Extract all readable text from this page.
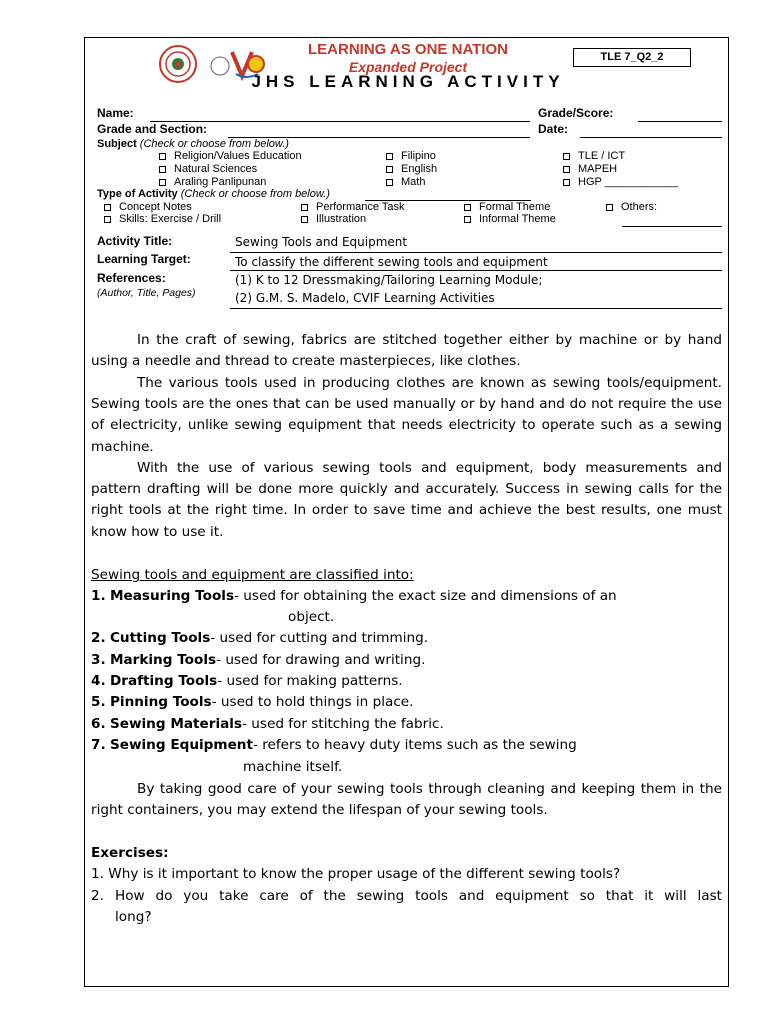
LEARNING AS ONE NATION
Expanded Project
JHS LEARNING ACTIVITY
TLE 7_Q2_2
Name:	Grade/Score:
Grade and Section:	Date:
Subject (Check or choose from below.)
Religion/Values Education
Natural Sciences
Araling Panlipunan
Filipino
English
Math
TLE / ICT
MAPEH
HGP ____________
Type of Activity (Check or choose from below.)
Concept Notes	Performance Task	Formal Theme	Others:
Skills: Exercise / Drill	Illustration	Informal Theme
Activity Title:	Sewing Tools and Equipment
Learning Target:	To classify the different sewing tools and equipment
References:
(Author, Title, Pages)
(1) K to 12 Dressmaking/Tailoring Learning Module;
(2) G.M. S. Madelo, CVIF Learning Activities
In the craft of sewing, fabrics are stitched together either by machine or by hand using a needle and thread to create masterpieces, like clothes.
The various tools used in producing clothes are known as sewing tools/equipment. Sewing tools are the ones that can be used manually or by hand and do not require the use of electricity, unlike sewing equipment that needs electricity to operate such as a sewing machine.
With the use of various sewing tools and equipment, body measurements and pattern drafting will be done more quickly and accurately. Success in sewing calls for the right tools at the right time. In order to save time and achieve the best results, one must know how to use it.
Sewing tools and equipment are classified into:
1. Measuring Tools- used for obtaining the exact size and dimensions of an
object.
2. Cutting Tools- used for cutting and trimming.
3. Marking Tools- used for drawing and writing.
4. Drafting Tools- used for making patterns.
5. Pinning Tools- used to hold things in place.
6. Sewing Materials- used for stitching the fabric.
7. Sewing Equipment- refers to heavy duty items such as the sewing
machine itself.
By taking good care of your sewing tools through cleaning and keeping them in the right containers, you may extend the lifespan of your sewing tools.
Exercises:
1. Why is it important to know the proper usage of the different sewing tools?
2. How do you take care of the sewing tools and equipment so that it will last
long?
